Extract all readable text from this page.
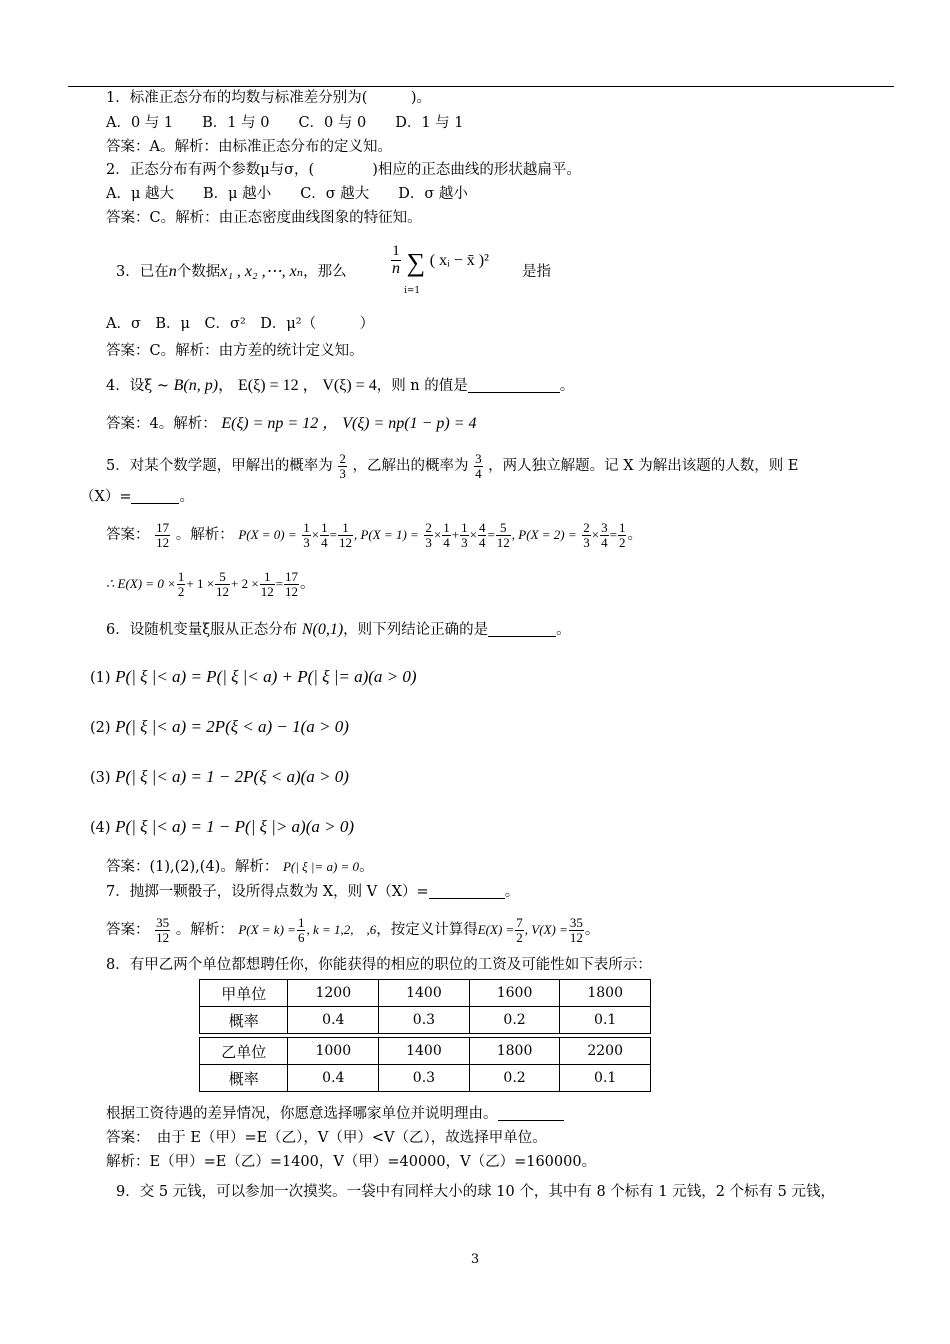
1．标准正态分布的均数与标准差分别为(　　　)。
A．0 与 1　　B．1 与 0　　C．0 与 0　　D．1 与 1
答案：A。解析：由标准正态分布的定义知。
2．正态分布有两个参数μ与σ，(　　　　)相应的正态曲线的形状越扁平。
A．μ 越大　　B．μ 越小　　C．σ 越大　　D．σ 越小
答案：C。解析：由正态密度曲线图象的特征知。
3．已在n个数据x₁ , x₂ ,⋯, xₙ，那么	$\frac{1}{n}$ ∑ ( xᵢ − x̄ )²
i=1
是指
A．σ　B．μ　C．σ²　D．μ²（　　　）
答案：C。解析：由方差的统计定义知。
4．设ξ ~ B(n, p)， E(ξ) = 12 ， V(ξ) = 4，则 n 的值是	。
答案：4。解析： E(ξ) = np = 12 ， V(ξ) = np(1 − p) = 4
5．对某个数学题，甲解出的概率为 $\frac{2}{3}$ ，乙解出的概率为 $\frac{3}{4}$ ，两人独立解题。记 X 为解出该题的人数，则 E
（X）=	。
答案： $\frac{17}{12}$ 。解析： $P(X = 0) = \frac{1}{3} \times \frac{1}{4} = \frac{1}{12}$ , $P(X = 1) = \frac{2}{3} \times \frac{1}{4} + \frac{1}{3} \times \frac{4}{4} = \frac{5}{12}$ , $P(X = 2) = \frac{2}{3} \times \frac{3}{4} = \frac{1}{2}$ 。
∴ $E(X) = 0 \times \frac{1}{2} + 1 \times \frac{5}{12} + 2 \times \frac{1}{12} = \frac{17}{12}$ 。
6．设随机变量ξ服从正态分布 N(0,1)，则下列结论正确的是	。
(1) P(| ξ |< a) = P(| ξ |< a) + P(| ξ |= a)(a > 0)
(2) P(| ξ |< a) = 2P(ξ < a) − 1(a > 0)
(3) P(| ξ |< a) = 1 − 2P(ξ < a)(a > 0)
(4) P(| ξ |< a) = 1 − P(| ξ |> a)(a > 0)
答案：(1),(2),(4)。解析： P(| ξ |= a) = 0。
7．抛掷一颗骰子，设所得点数为 X，则 V（X）=	。
答案： $\frac{35}{12}$ 。解析： $P(X = k) = \frac{1}{6}$ , k = 1,2,　,6，按定义计算得$E(X) = \frac{7}{2}$ , $V(X) = \frac{35}{12}$ 。
8．有甲乙两个单位都想聘任你，你能获得的相应的职位的工资及可能性如下表所示：
甲单位	1200	1400	1600	1800
概率	0.4	0.3	0.2	0.1
乙单位	1000	1400	1800	2200
概率	0.4	0.3	0.2	0.1
根据工资待遇的差异情况，你愿意选择哪家单位并说明理由。
答案：　由于 E（甲）=E（乙），V（甲）<V（乙），故选择甲单位。
解析：E（甲）=E（乙）=1400，V（甲）=40000，V（乙）=160000。
9．交 5 元钱，可以参加一次摸奖。一袋中有同样大小的球 10 个，其中有 8 个标有 1 元钱，2 个标有 5 元钱，
3
